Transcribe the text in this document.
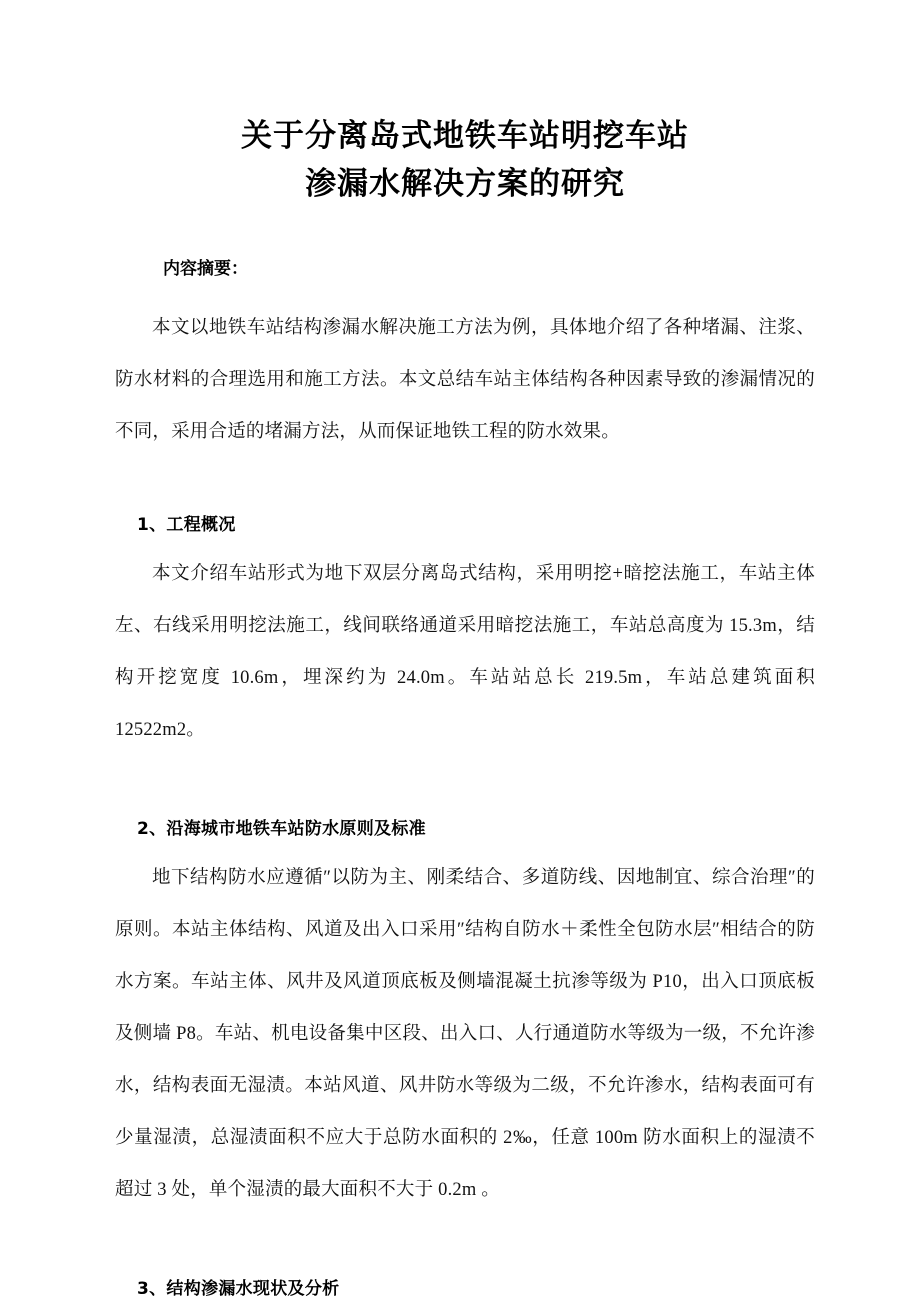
关于分离岛式地铁车站明挖车站
渗漏水解决方案的研究

内容摘要：

本文以地铁车站结构渗漏水解决施工方法为例，具体地介绍了各种堵漏、注浆、防水材料的合理选用和施工方法。本文总结车站主体结构各种因素导致的渗漏情况的不同，采用合适的堵漏方法，从而保证地铁工程的防水效果。

1、工程概况

本文介绍车站形式为地下双层分离岛式结构，采用明挖+暗挖法施工，车站主体左、右线采用明挖法施工，线间联络通道采用暗挖法施工，车站总高度为 15.3m，结构开挖宽度 10.6m，埋深约为 24.0m。车站站总长 219.5m，车站总建筑面积 12522m2。

2、沿海城市地铁车站防水原则及标准

地下结构防水应遵循″以防为主、刚柔结合、多道防线、因地制宜、综合治理″的原则。本站主体结构、风道及出入口采用″结构自防水＋柔性全包防水层″相结合的防水方案。车站主体、风井及风道顶底板及侧墙混凝土抗渗等级为 P10，出入口顶底板及侧墙 P8。车站、机电设备集中区段、出入口、人行通道防水等级为一级，不允许渗水，结构表面无湿渍。本站风道、风井防水等级为二级，不允许渗水，结构表面可有少量湿渍，总湿渍面积不应大于总防水面积的 2‰，任意 100m 防水面积上的湿渍不超过 3 处，单个湿渍的最大面积不大于 0.2m 。

3、结构渗漏水现状及分析
